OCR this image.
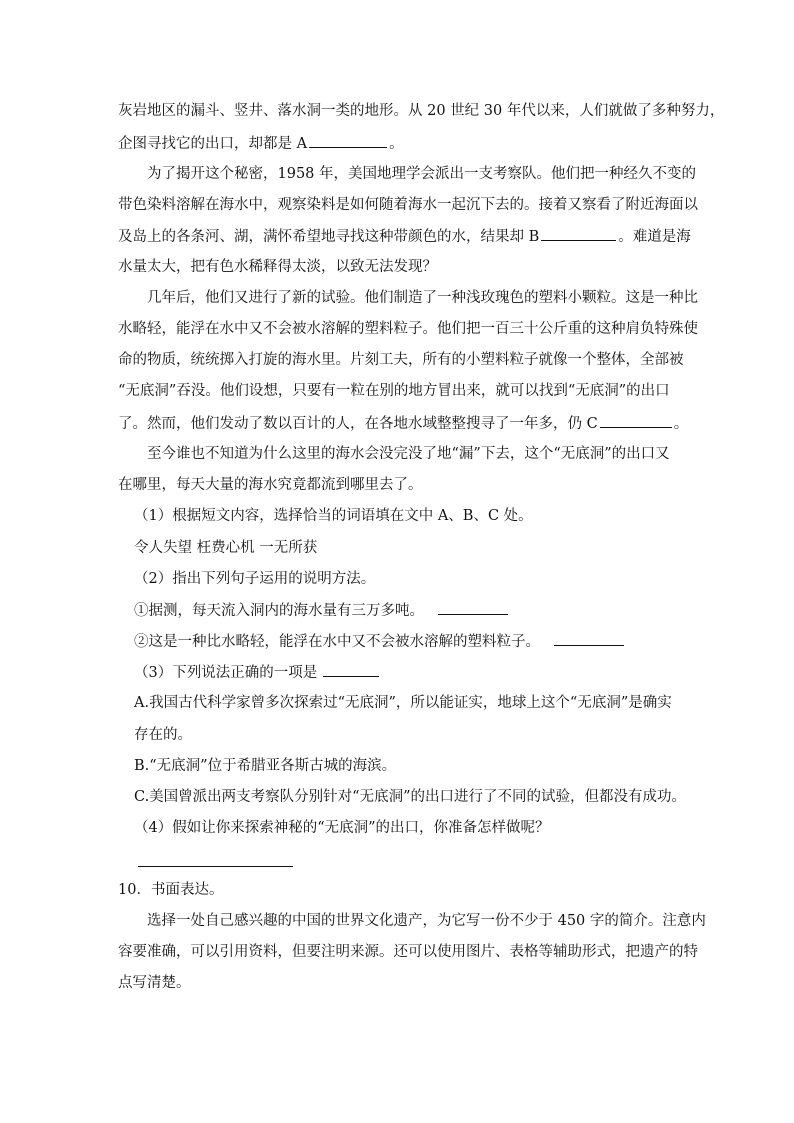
灰岩地区的漏斗、竖井、落水洞一类的地形。从 20 世纪 30 年代以来，人们就做了多种努力，
企图寻找它的出口，却都是 A	。
为了揭开这个秘密，1958 年，美国地理学会派出一支考察队。他们把一种经久不变的
带色染料溶解在海水中，观察染料是如何随着海水一起沉下去的。接着又察看了附近海面以
及岛上的各条河、湖，满怀希望地寻找这种带颜色的水，结果却 B	。难道是海
水量太大，把有色水稀释得太淡，以致无法发现？
几年后，他们又进行了新的试验。他们制造了一种浅玫瑰色的塑料小颗粒。这是一种比
水略轻，能浮在水中又不会被水溶解的塑料粒子。他们把一百三十公斤重的这种肩负特殊使
命的物质，统统掷入打旋的海水里。片刻工夫，所有的小塑料粒子就像一个整体，全部被
“无底洞”吞没。他们设想，只要有一粒在别的地方冒出来，就可以找到“无底洞”的出口
了。然而，他们发动了数以百计的人，在各地水域整整搜寻了一年多，仍 C	。
至今谁也不知道为什么这里的海水会没完没了地“漏”下去，这个“无底洞”的出口又
在哪里，每天大量的海水究竟都流到哪里去了。
（1）根据短文内容，选择恰当的词语填在文中 A、B、C 处。
令人失望 枉费心机 一无所获
（2）指出下列句子运用的说明方法。
①据测，每天流入洞内的海水量有三万多吨。
②这是一种比水略轻，能浮在水中又不会被水溶解的塑料粒子。
（3）下列说法正确的一项是
A.我国古代科学家曾多次探索过“无底洞”，所以能证实，地球上这个“无底洞”是确实
存在的。
B.“无底洞”位于希腊亚各斯古城的海滨。
C.美国曾派出两支考察队分别针对“无底洞”的出口进行了不同的试验，但都没有成功。
（4）假如让你来探索神秘的“无底洞”的出口，你准备怎样做呢？
10．书面表达。
选择一处自己感兴趣的中国的世界文化遗产，为它写一份不少于 450 字的简介。注意内
容要准确，可以引用资料，但要注明来源。还可以使用图片、表格等辅助形式，把遗产的特
点写清楚。
